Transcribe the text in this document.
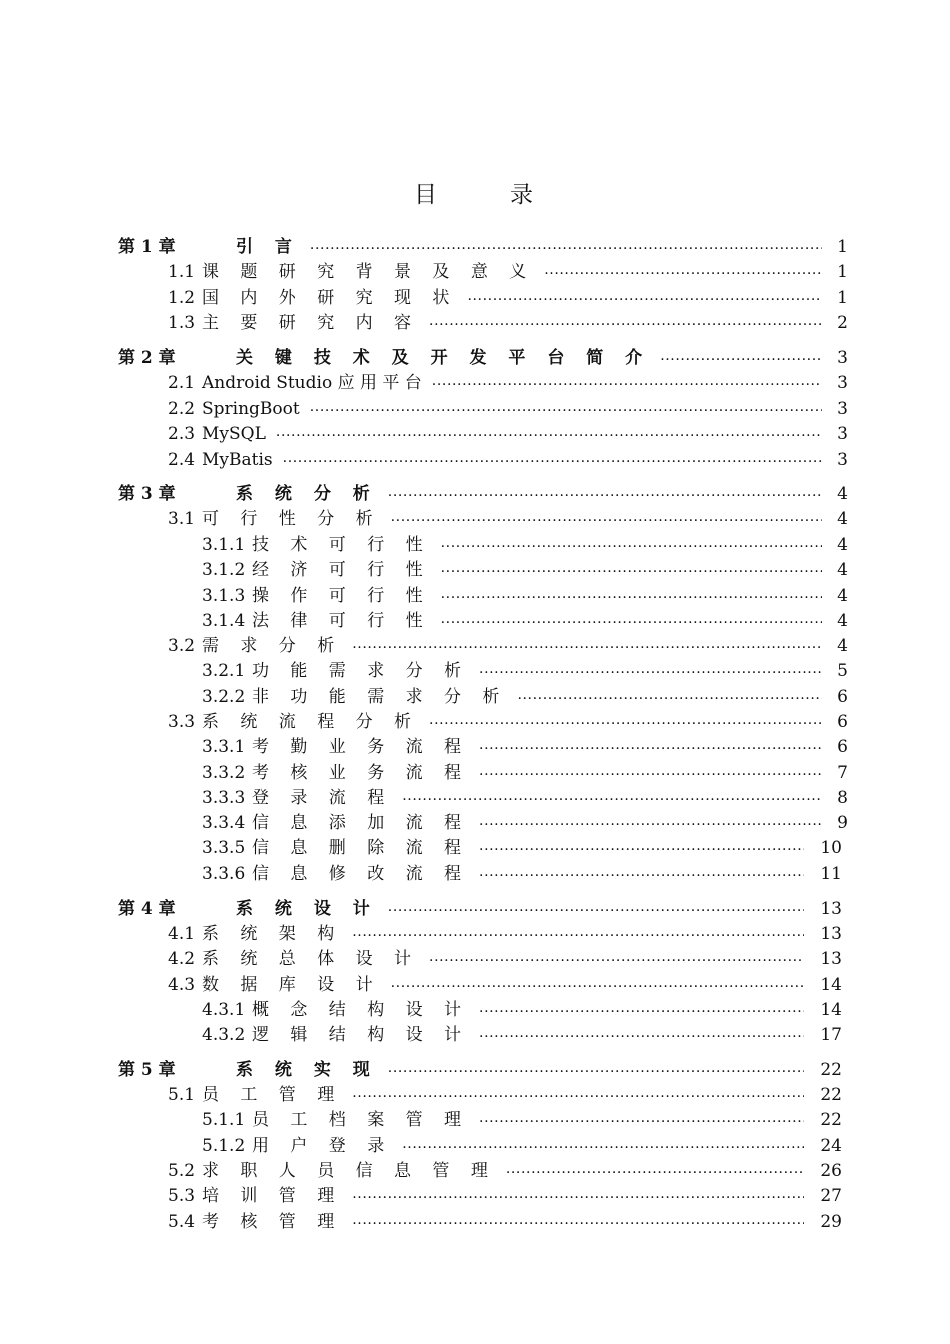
目	录
第 1 章	引 言	1
.....
1.1 课 题 研 究 背 景 及 意 义	1
.....
1.2 国 内 外 研 究 现 状	1
.....
1.3 主 要 研 究 内 容	2
.....
第 2 章	关 键 技 术 及 开 发 平 台 简 介	3
.....
2.1 Android Studio 应 用 平 台	3
.....
2.2 SpringBoot	3
.....
2.3 MySQL	3
.....
2.4 MyBatis	3
.....
第 3 章	系 统 分 析	4
.....
3.1 可 行 性 分 析	4
.....
3.1.1 技 术 可 行 性	4
.....
3.1.2 经 济 可 行 性	4
.....
3.1.3 操 作 可 行 性	4
.....
3.1.4 法 律 可 行 性	4
.....
3.2 需 求 分 析	4
.....
3.2.1 功 能 需 求 分 析	5
.....
3.2.2 非 功 能 需 求 分 析	6
.....
3.3 系 统 流 程 分 析	6
.....
3.3.1 考 勤 业 务 流 程	6
.....
3.3.2 考 核 业 务 流 程	7
.....
3.3.3 登 录 流 程	8
.....
3.3.4 信 息 添 加 流 程	9
.....
3.3.5 信 息 删 除 流 程	10
.....
3.3.6 信 息 修 改 流 程	11
.....
第 4 章	系 统 设 计	13
.....
4.1 系 统 架 构	13
.....
4.2 系 统 总 体 设 计	13
.....
4.3 数 据 库 设 计	14
.....
4.3.1 概 念 结 构 设 计	14
.....
4.3.2 逻 辑 结 构 设 计	17
.....
第 5 章	系 统 实 现	22
.....
5.1 员 工 管 理	22
.....
5.1.1 员 工 档 案 管 理	22
.....
5.1.2 用 户 登 录	24
.....
5.2 求 职 人 员 信 息 管 理	26
.....
5.3 培 训 管 理	27
.....
5.4 考 核 管 理	29
.....
